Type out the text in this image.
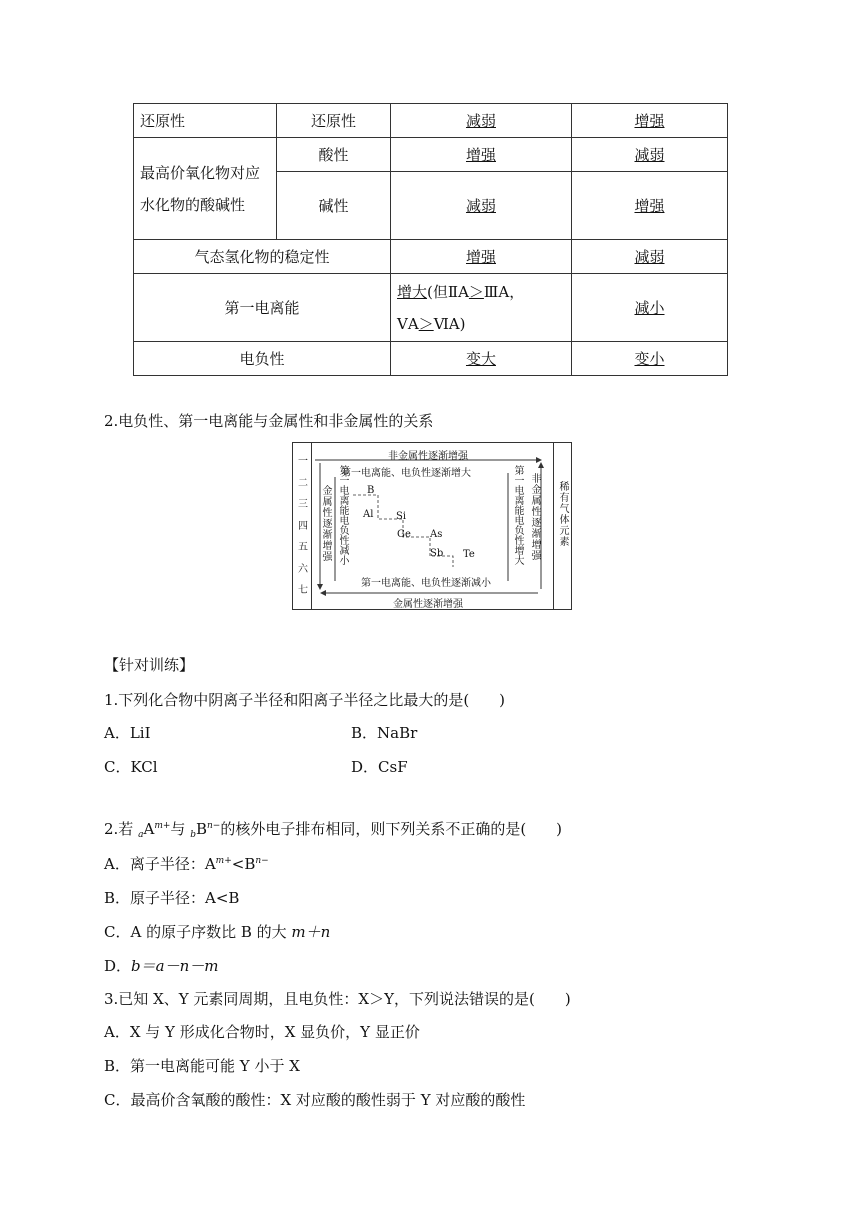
还原性	还原性	减弱	增强
最高价氧化物对应水化物的酸碱性	酸性	增强	减弱
	碱性	减弱	增强
气态氢化物的稳定性		增强	减弱
第一电离能		增大(但ⅡA＞ⅢA，
ⅤA＞ⅥA)	减小
电负性		变大	变小
2.电负性、第一电离能与金属性和非金属性的关系
一
二
三
四
五
六
七
非金属性逐渐增强
第一电离能、电负性逐渐增大
第一电离能、电负性逐渐减小
金属性逐渐增强
金属性逐渐增强 第一电离能电负性减小	第一电离能电负性增大 非金属性逐渐增强 稀有气体元素
B
Al Si
Ge As
Sb Te
【针对训练】
1.下列化合物中阴离子半径和阳离子半径之比最大的是(　　)
A．LiI	B．NaBr
C．KCl	D．CsF
2.若 $_aA^{m+}$与 $_bB^{n-}$的核外电子排布相同，则下列关系不正确的是(　　)
A．离子半径：$A^{m+}<B^{n-}$
B．原子半径：A<B
C．A 的原子序数比 B 的大 m＋n
D．b＝a－n－m
3.已知 X、Y 元素同周期，且电负性：X＞Y，下列说法错误的是(　　)
A．X 与 Y 形成化合物时，X 显负价，Y 显正价
B．第一电离能可能 Y 小于 X
C．最高价含氧酸的酸性：X 对应酸的酸性弱于 Y 对应酸的酸性
